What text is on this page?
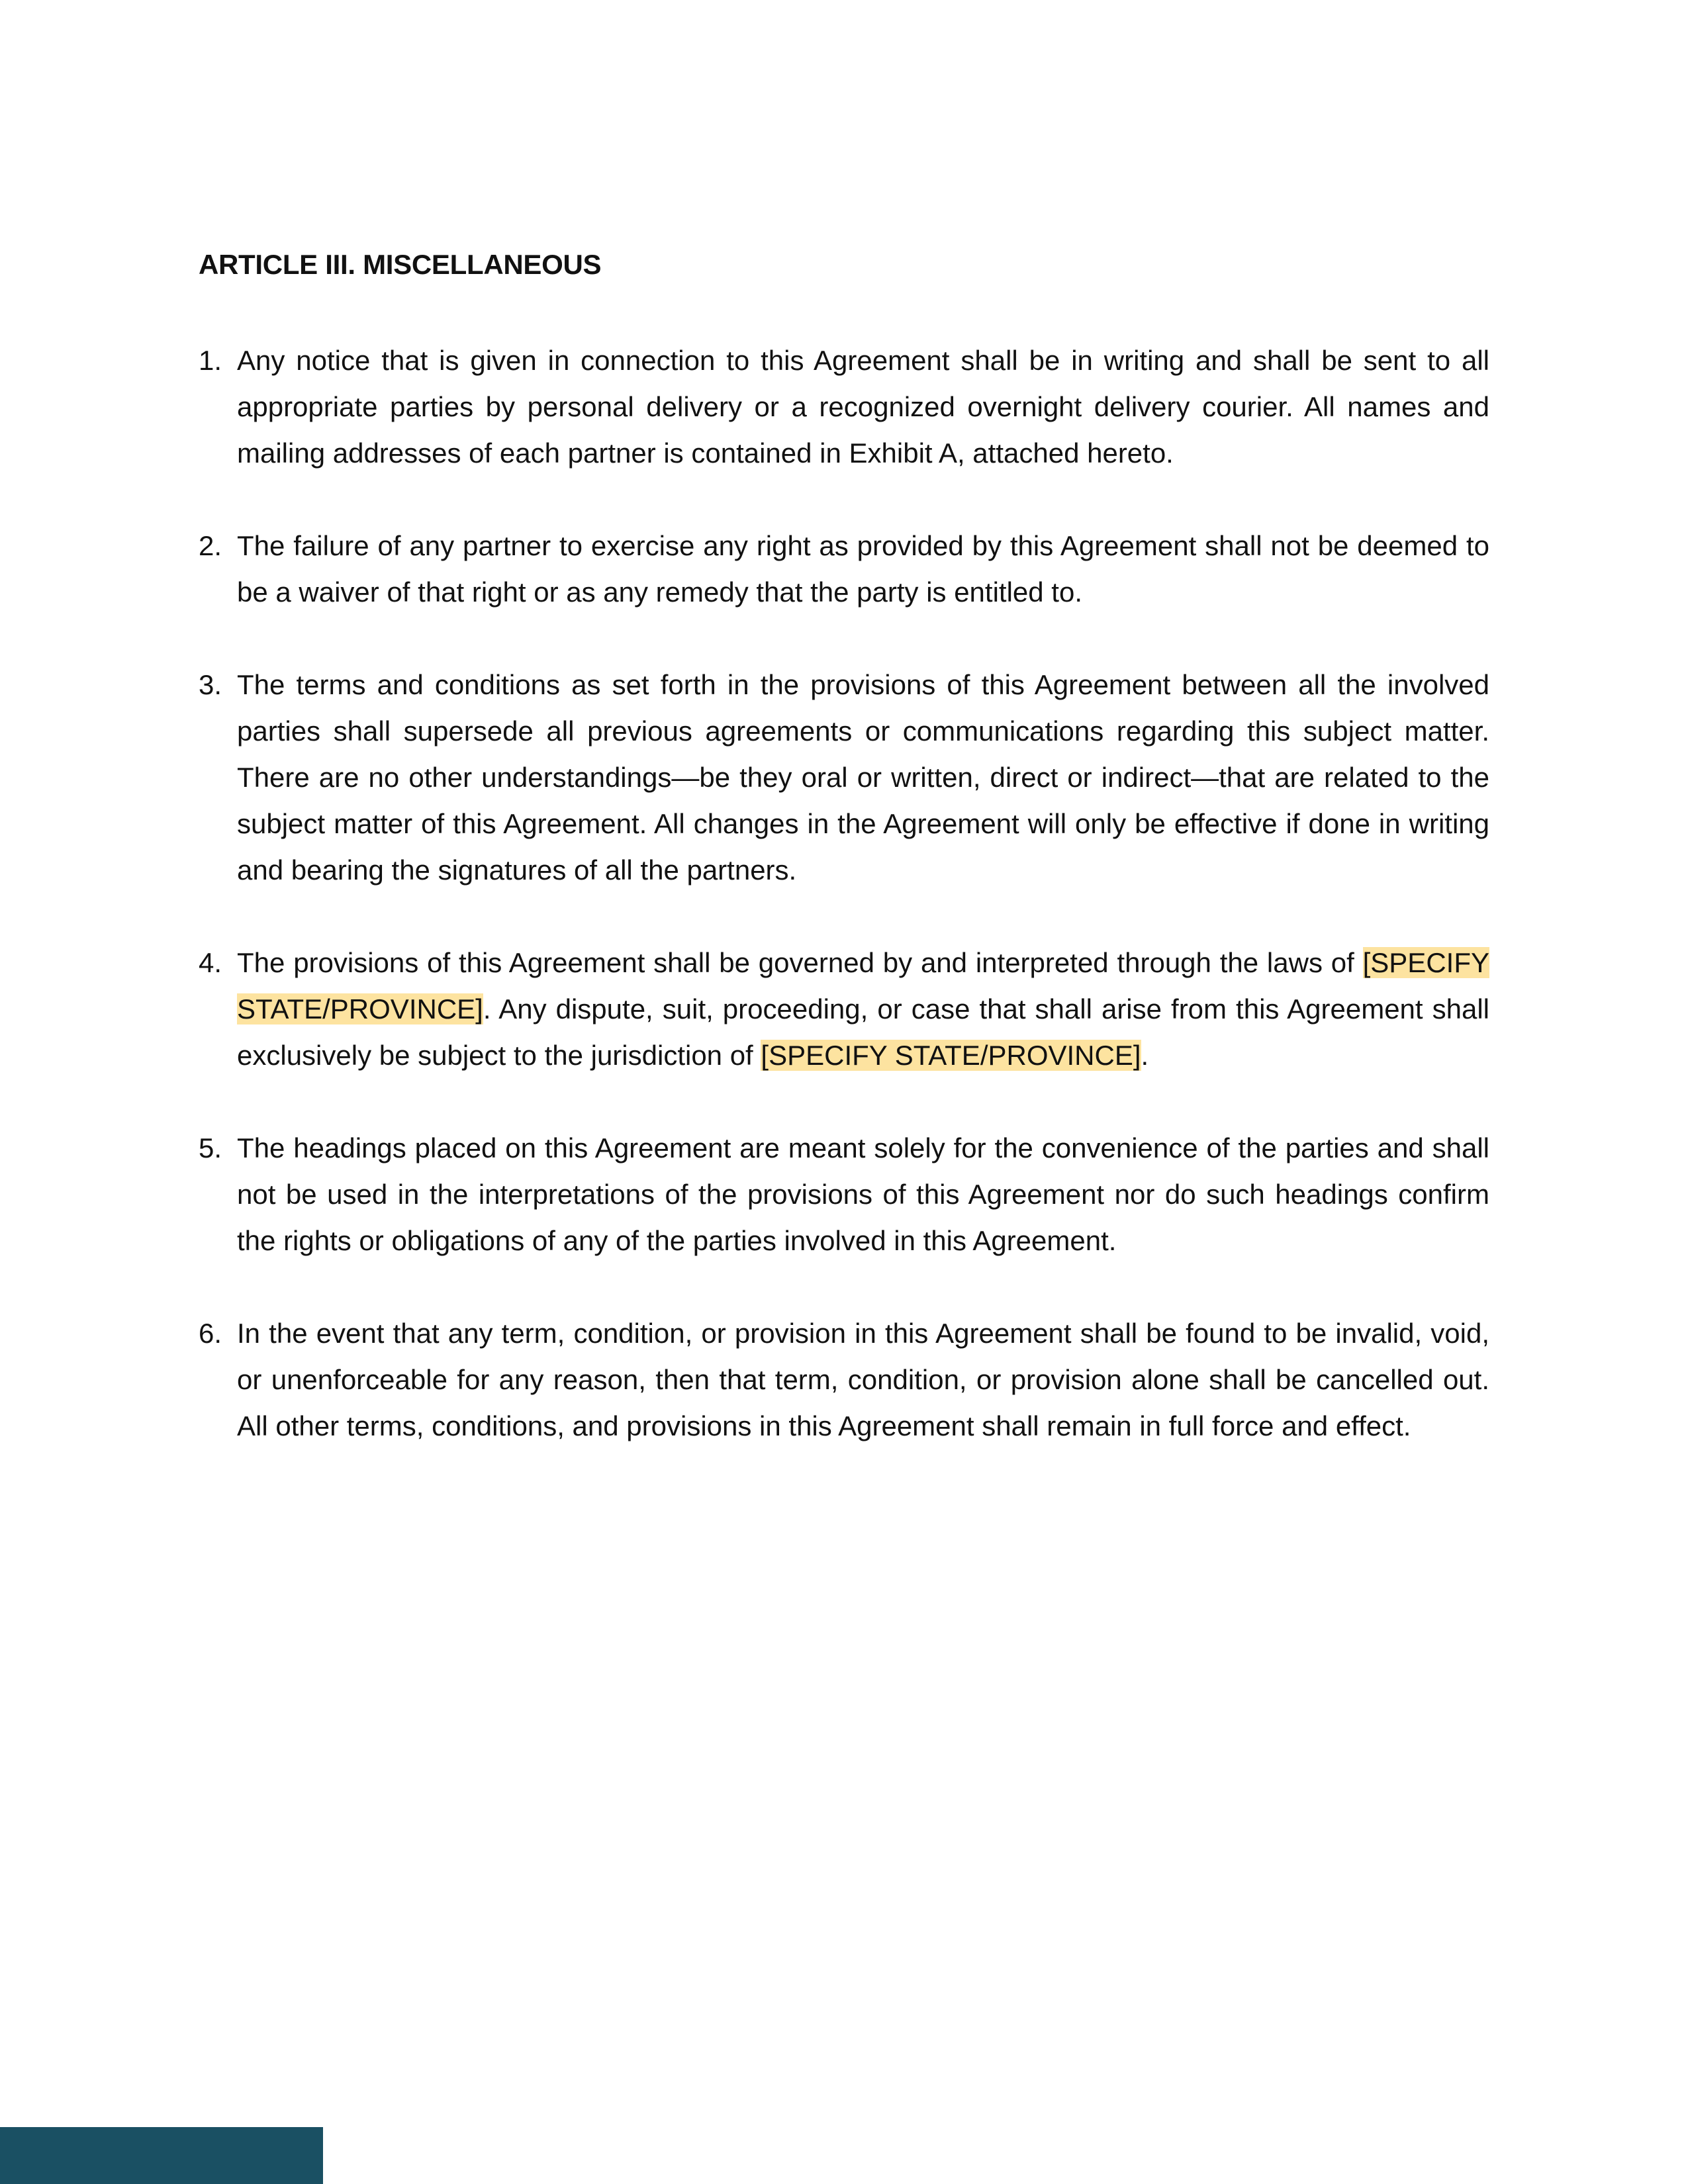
ARTICLE III. MISCELLANEOUS
1. Any notice that is given in connection to this Agreement shall be in writing and shall be sent to all appropriate parties by personal delivery or a recognized overnight delivery courier. All names and mailing addresses of each partner is contained in Exhibit A, attached hereto.
2. The failure of any partner to exercise any right as provided by this Agreement shall not be deemed to be a waiver of that right or as any remedy that the party is entitled to.
3. The terms and conditions as set forth in the provisions of this Agreement between all the involved parties shall supersede all previous agreements or communications regarding this subject matter. There are no other understandings—be they oral or written, direct or indirect—that are related to the subject matter of this Agreement. All changes in the Agreement will only be effective if done in writing and bearing the signatures of all the partners.
4. The provisions of this Agreement shall be governed by and interpreted through the laws of [SPECIFY STATE/PROVINCE]. Any dispute, suit, proceeding, or case that shall arise from this Agreement shall exclusively be subject to the jurisdiction of [SPECIFY STATE/PROVINCE].
5. The headings placed on this Agreement are meant solely for the convenience of the parties and shall not be used in the interpretations of the provisions of this Agreement nor do such headings confirm the rights or obligations of any of the parties involved in this Agreement.
6. In the event that any term, condition, or provision in this Agreement shall be found to be invalid, void, or unenforceable for any reason, then that term, condition, or provision alone shall be cancelled out. All other terms, conditions, and provisions in this Agreement shall remain in full force and effect.
